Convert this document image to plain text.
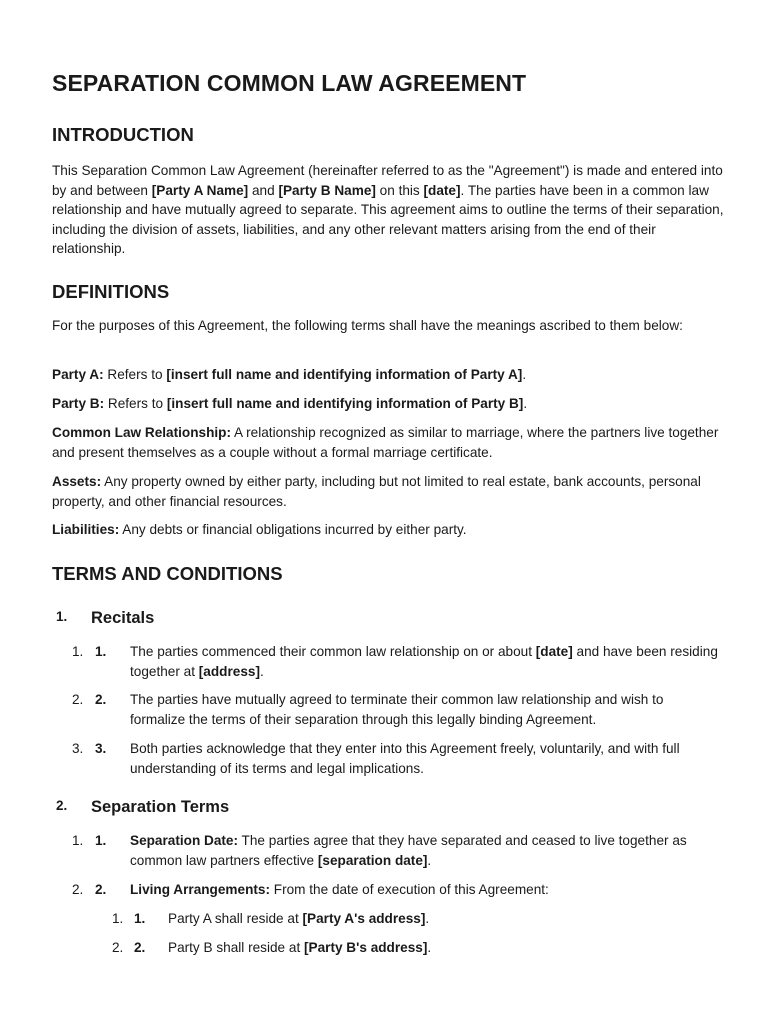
SEPARATION COMMON LAW AGREEMENT
INTRODUCTION

This Separation Common Law Agreement (hereinafter referred to as the "Agreement") is made and entered into by and between [Party A Name] and [Party B Name] on this [date]. The parties have been in a common law relationship and have mutually agreed to separate. This agreement aims to outline the terms of their separation, including the division of assets, liabilities, and any other relevant matters arising from the end of their relationship.

DEFINITIONS

For the purposes of this Agreement, the following terms shall have the meanings ascribed to them below:

Party A: Refers to [insert full name and identifying information of Party A].

Party B: Refers to [insert full name and identifying information of Party B].

Common Law Relationship: A relationship recognized as similar to marriage, where the partners live together and present themselves as a couple without a formal marriage certificate.

Assets: Any property owned by either party, including but not limited to real estate, bank accounts, personal property, and other financial resources.

Liabilities: Any debts or financial obligations incurred by either party.

TERMS AND CONDITIONS
1. Recitals
1. 1. The parties commenced their common law relationship on or about [date] and have been residing together at [address].
2. 2. The parties have mutually agreed to terminate their common law relationship and wish to formalize the terms of their separation through this legally binding Agreement.
3. 3. Both parties acknowledge that they enter into this Agreement freely, voluntarily, and with full understanding of its terms and legal implications.
2. Separation Terms
1. 1. Separation Date: The parties agree that they have separated and ceased to live together as common law partners effective [separation date].
2. 2. Living Arrangements: From the date of execution of this Agreement:
1. 1. Party A shall reside at [Party A's address].
2. 2. Party B shall reside at [Party B's address].
